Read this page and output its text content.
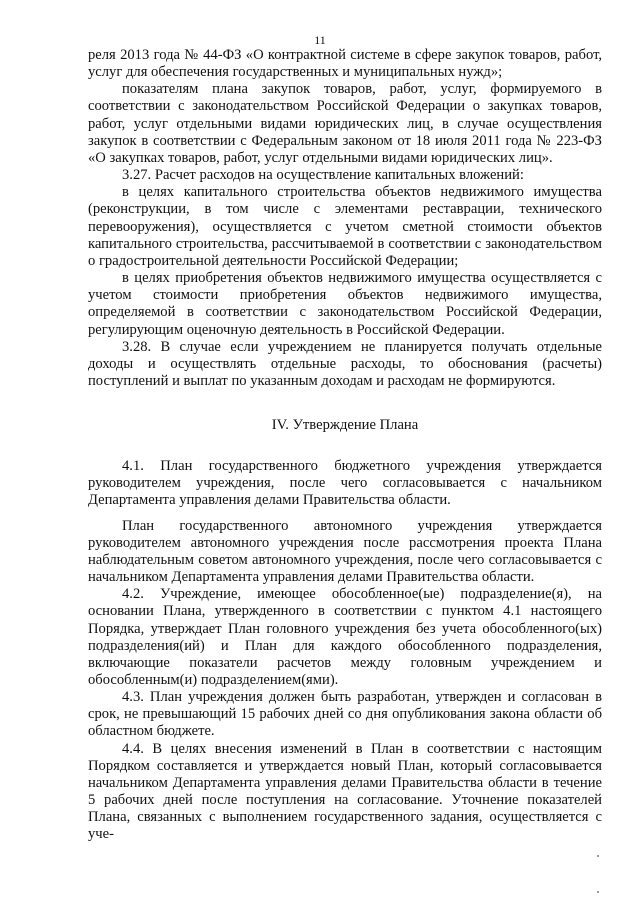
11

реля 2013 года № 44-ФЗ «О контрактной системе в сфере закупок товаров, работ, услуг для обеспечения государственных и муниципальных нужд»;

показателям плана закупок товаров, работ, услуг, формируемого в соответствии с законодательством Российской Федерации о закупках товаров, работ, услуг отдельными видами юридических лиц, в случае осуществления закупок в соответствии с Федеральным законом от 18 июля 2011 года № 223-ФЗ «О закупках товаров, работ, услуг отдельными видами юридических лиц».

3.27. Расчет расходов на осуществление капитальных вложений:

в целях капитального строительства объектов недвижимого имущества (реконструкции, в том числе с элементами реставрации, технического перевооружения), осуществляется с учетом сметной стоимости объектов капитального строительства, рассчитываемой в соответствии с законодательством о градостроительной деятельности Российской Федерации;

в целях приобретения объектов недвижимого имущества осуществляется с учетом стоимости приобретения объектов недвижимого имущества, определяемой в соответствии с законодательством Российской Федерации, регулирующим оценочную деятельность в Российской Федерации.

3.28. В случае если учреждением не планируется получать отдельные доходы и осуществлять отдельные расходы, то обоснования (расчеты) поступлений и выплат по указанным доходам и расходам не формируются.

IV. Утверждение Плана

4.1. План государственного бюджетного учреждения утверждается руководителем учреждения, после чего согласовывается с начальником Департамента управления делами Правительства области.

План государственного автономного учреждения утверждается руководителем автономного учреждения после рассмотрения проекта Плана наблюдательным советом автономного учреждения, после чего согласовывается с начальником Департамента управления делами Правительства области.

4.2. Учреждение, имеющее обособленное(ые) подразделение(я), на основании Плана, утвержденного в соответствии с пунктом 4.1 настоящего Порядка, утверждает План головного учреждения без учета обособленного(ых) подразделения(ий) и План для каждого обособленного подразделения, включающие показатели расчетов между головным учреждением и обособленным(и) подразделением(ями).

4.3. План учреждения должен быть разработан, утвержден и согласован в срок, не превышающий 15 рабочих дней со дня опубликования закона области об областном бюджете.

4.4. В целях внесения изменений в План в соответствии с настоящим Порядком составляется и утверждается новый План, который согласовывается начальником Департамента управления делами Правительства области в течение 5 рабочих дней после поступления на согласование. Уточнение показателей Плана, связанных с выполнением государственного задания, осуществляется с уче-
